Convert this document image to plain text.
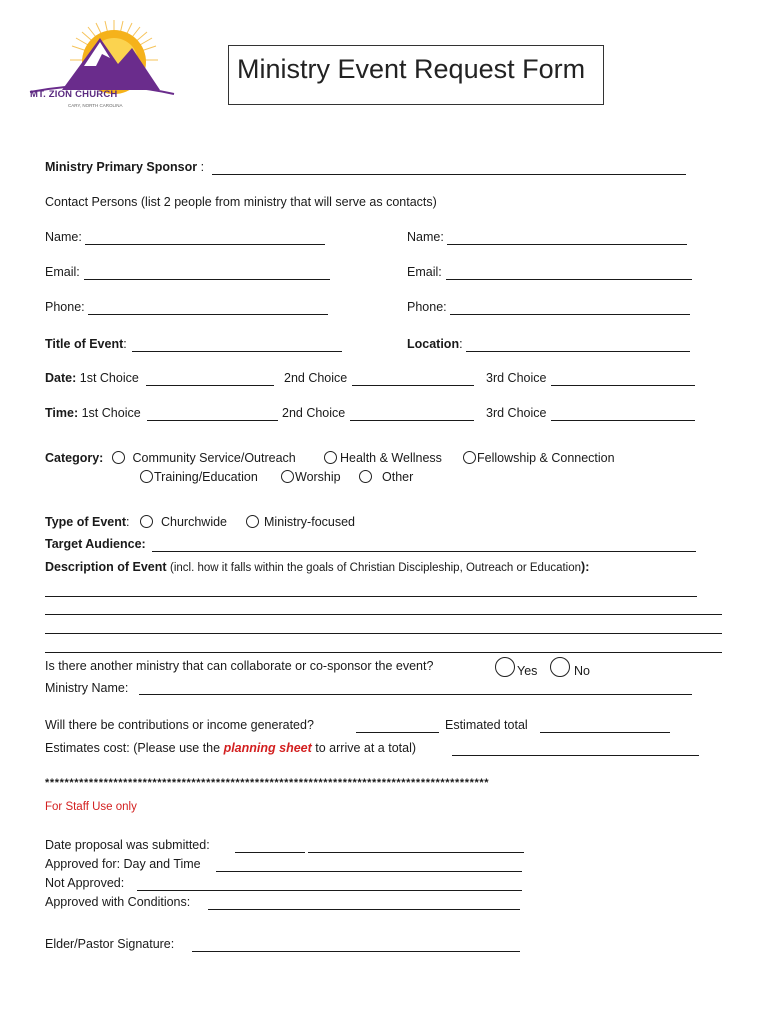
MT. ZION CHURCH
CARY, NORTH CAROLINA
Ministry Event Request Form
Ministry Primary Sponsor :
Contact Persons (list 2 people from ministry that will serve as contacts)
Name:	Name:
Email:	Email:
Phone:	Phone:
Title of Event:	Location:
Date: 1st Choice	2nd Choice	3rd Choice
Time: 1st Choice	2nd Choice	3rd Choice
Category:	Community Service/Outreach	Health & Wellness	Fellowship & Connection
Training/Education	Worship	Other
Type of Event:	Churchwide	Ministry-focused
Target Audience:
Description of Event (incl. how it falls within the goals of Christian Discipleship, Outreach or Education):
Is there another ministry that can collaborate or co-sponsor the event?	Yes	No
Ministry Name:
Will there be contributions or income generated?	Estimated total
Estimates cost: (Please use the planning sheet to arrive at a total)
*******************************************************************************************
For Staff Use only
Date proposal was submitted:
Approved for: Day and Time
Not Approved:
Approved with Conditions:
Elder/Pastor Signature:
